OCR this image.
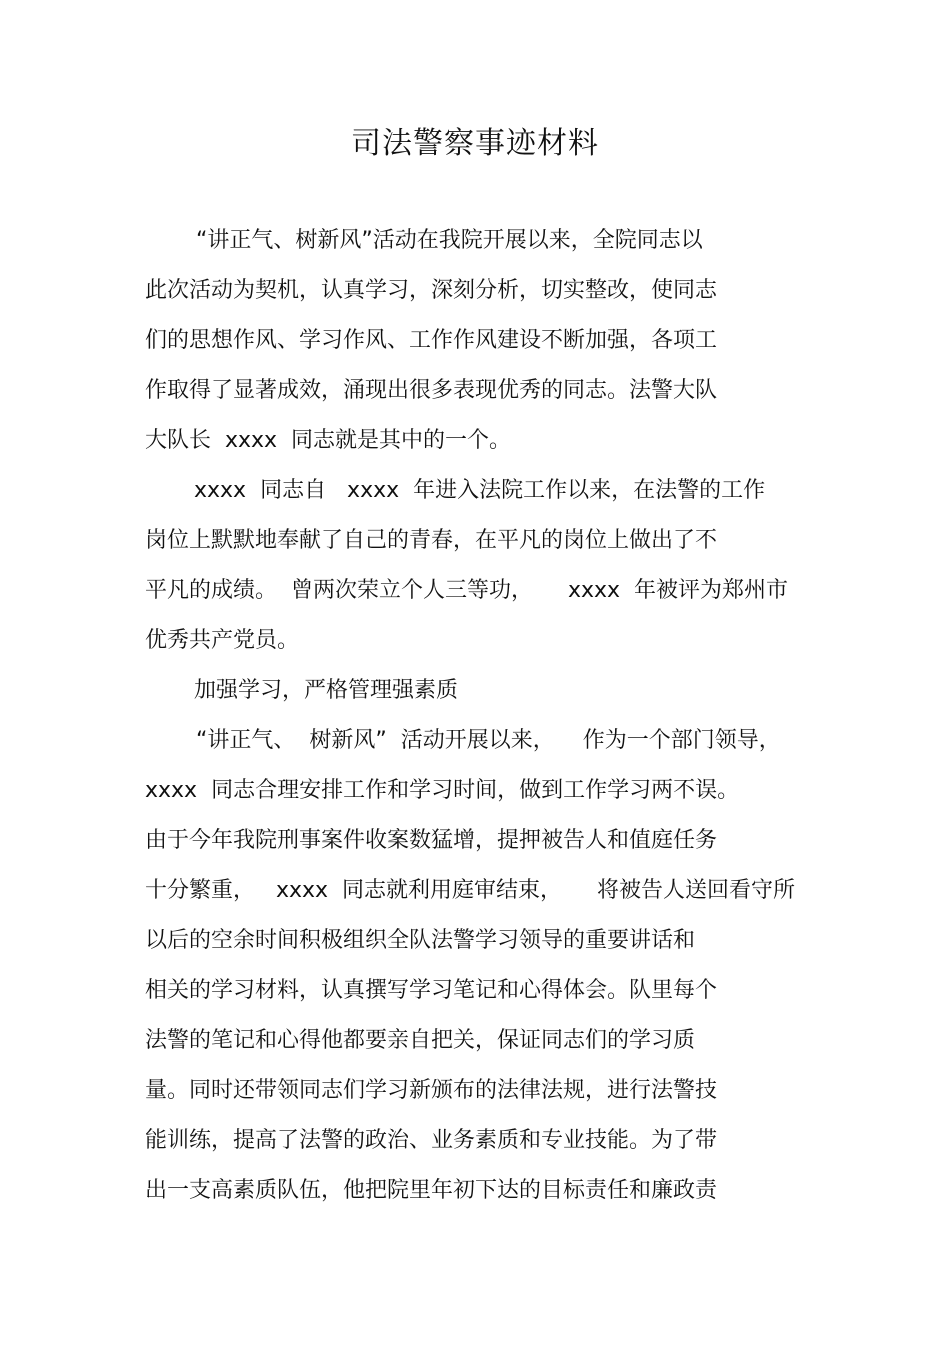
司法警察事迹材料
“讲正气、树新风”活动在我院开展以来，全院同志以
此次活动为契机，认真学习，深刻分析，切实整改，使同志
们的思想作风、学习作风、工作作风建设不断加强，各项工
作取得了显著成效，涌现出很多表现优秀的同志。法警大队
大队长  xxxx  同志就是其中的一个。
xxxx  同志自   xxxx  年进入法院工作以来，在法警的工作
岗位上默默地奉献了自己的青春，在平凡的岗位上做出了不
平凡的成绩。  曾两次荣立个人三等功，     xxxx  年被评为郑州市
优秀共产党员。
加强学习，严格管理强素质
“讲正气、  树新风”  活动开展以来，    作为一个部门领导，
xxxx  同志合理安排工作和学习时间，做到工作学习两不误。
由于今年我院刑事案件收案数猛增，提押被告人和值庭任务
十分繁重，   xxxx  同志就利用庭审结束，     将被告人送回看守所
以后的空余时间积极组织全队法警学习领导的重要讲话和
相关的学习材料，认真撰写学习笔记和心得体会。队里每个
法警的笔记和心得他都要亲自把关，保证同志们的学习质
量。同时还带领同志们学习新颁布的法律法规，进行法警技
能训练，提高了法警的政治、业务素质和专业技能。为了带
出一支高素质队伍，他把院里年初下达的目标责任和廉政责
